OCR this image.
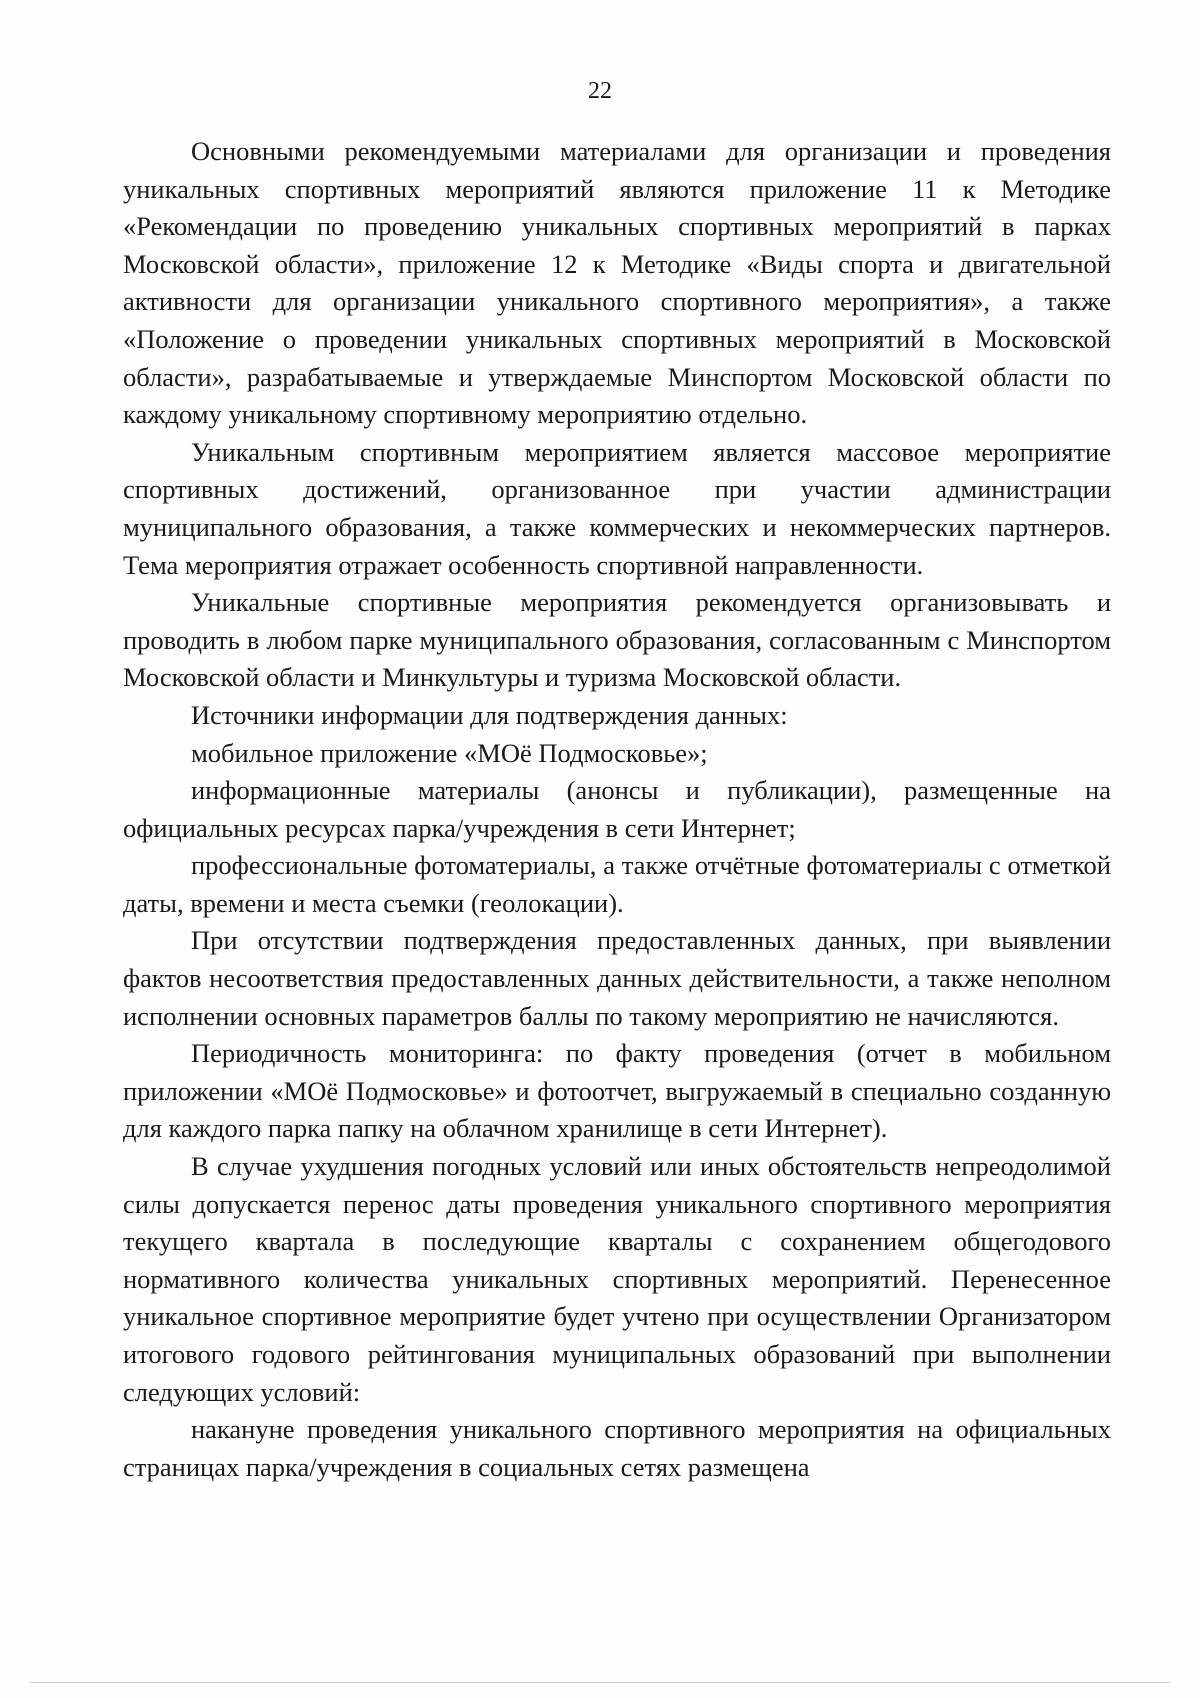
22

Основными рекомендуемыми материалами для организации и проведения уникальных спортивных мероприятий являются приложение 11 к Методике «Рекомендации по проведению уникальных спортивных мероприятий в парках Московской области», приложение 12 к Методике «Виды спорта и двигательной активности для организации уникального спортивного мероприятия», а также «Положение о проведении уникальных спортивных мероприятий в Московской области», разрабатываемые и утверждаемые Минспортом Московской области по каждому уникальному спортивному мероприятию отдельно.

Уникальным спортивным мероприятием является массовое мероприятие спортивных достижений, организованное при участии администрации муниципального образования, а также коммерческих и некоммерческих партнеров. Тема мероприятия отражает особенность спортивной направленности.

Уникальные спортивные мероприятия рекомендуется организовывать и проводить в любом парке муниципального образования, согласованным с Минспортом Московской области и Минкультуры и туризма Московской области.

Источники информации для подтверждения данных:

мобильное приложение «МОё Подмосковье»;

информационные материалы (анонсы и публикации), размещенные на официальных ресурсах парка/учреждения в сети Интернет;

профессиональные фотоматериалы, а также отчётные фотоматериалы с отметкой даты, времени и места съемки (геолокации).

При отсутствии подтверждения предоставленных данных, при выявлении фактов несоответствия предоставленных данных действительности, а также неполном исполнении основных параметров баллы по такому мероприятию не начисляются.

Периодичность мониторинга: по факту проведения (отчет в мобильном приложении «МОё Подмосковье» и фотоотчет, выгружаемый в специально созданную для каждого парка папку на облачном хранилище в сети Интернет).

В случае ухудшения погодных условий или иных обстоятельств непреодолимой силы допускается перенос даты проведения уникального спортивного мероприятия текущего квартала в последующие кварталы с сохранением общегодового нормативного количества уникальных спортивных мероприятий. Перенесенное уникальное спортивное мероприятие будет учтено при осуществлении Организатором итогового годового рейтингования муниципальных образований при выполнении следующих условий:

накануне проведения уникального спортивного мероприятия на официальных страницах парка/учреждения в социальных сетях размещена
